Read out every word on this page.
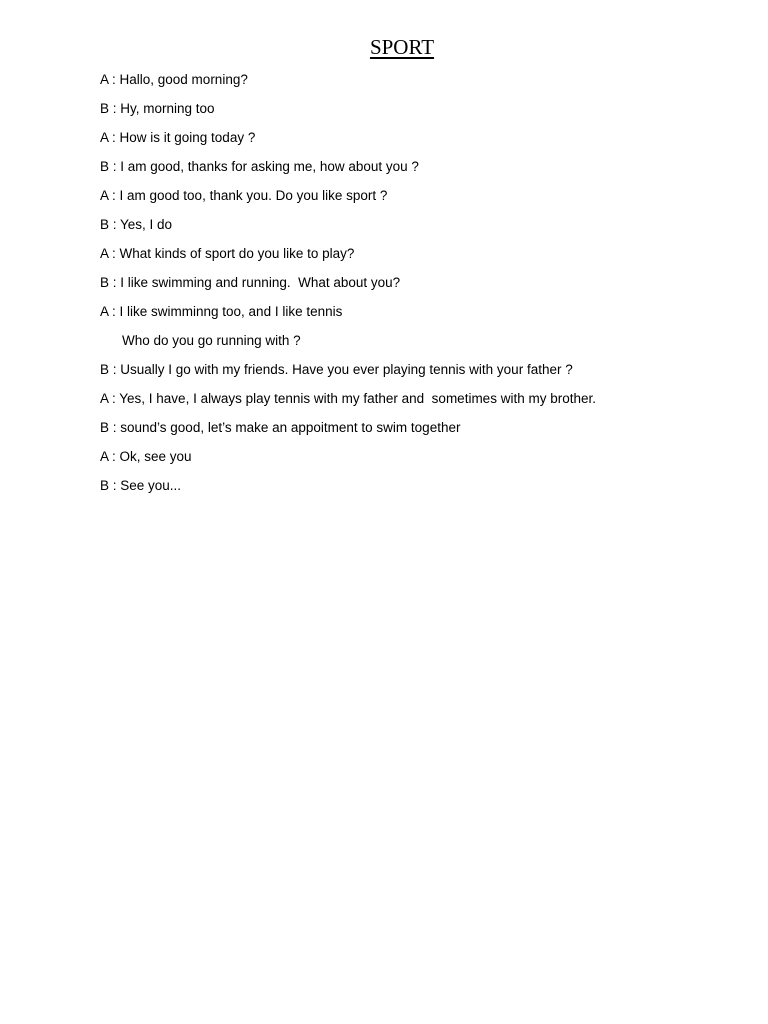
SPORT
A : Hallo, good morning?
B : Hy, morning too
A : How is it going today ?
B : I am good, thanks for asking me, how about you ?
A : I am good too, thank you. Do you like sport ?
B : Yes, I do
A : What kinds of sport do you like to play?
B : I like swimming and running.  What about you?
A : I like swimminng too, and I like tennis
Who do you go running with ?
B : Usually I go with my friends. Have you ever playing tennis with your father ?
A : Yes, I have, I always play tennis with my father and  sometimes with my brother.
B : sound’s good, let’s make an appoitment to swim together
A : Ok, see you
B : See you...
